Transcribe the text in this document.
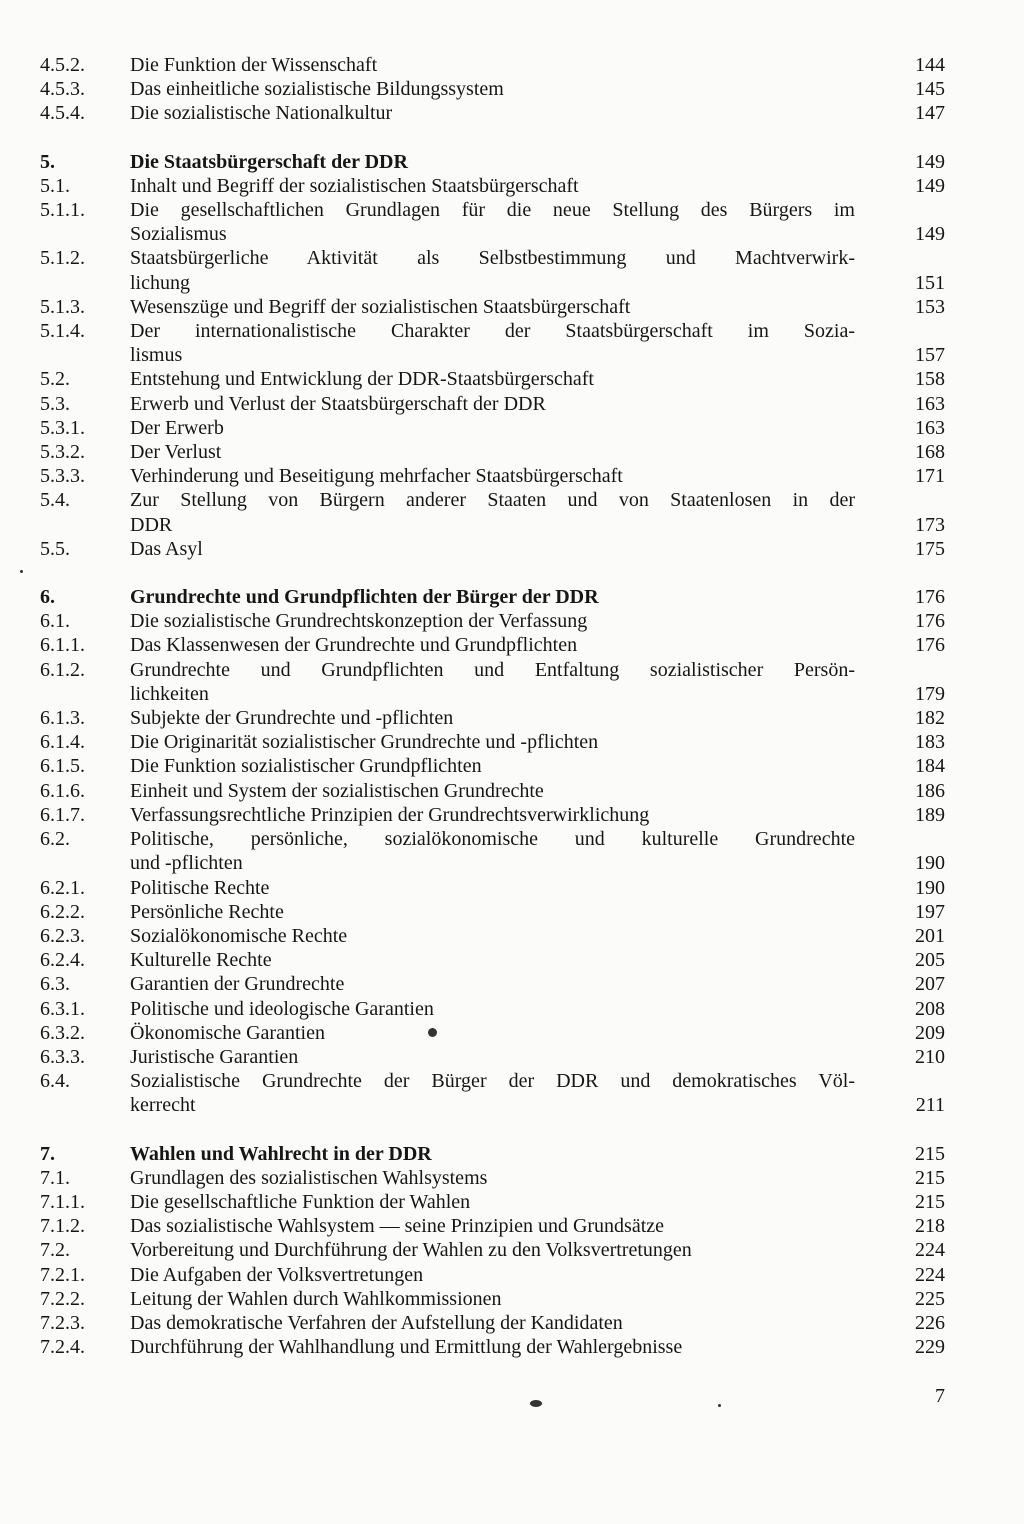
4.5.2.	Die Funktion der Wissenschaft	144
4.5.3.	Das einheitliche sozialistische Bildungssystem	145
4.5.4.	Die sozialistische Nationalkultur	147
5.	Die Staatsbürgerschaft der DDR	149
5.1.	Inhalt und Begriff der sozialistischen Staatsbürgerschaft	149
5.1.1.	Die gesellschaftlichen Grundlagen für die neue Stellung des Bürgers im
Sozialismus	149
5.1.2.	Staatsbürgerliche Aktivität als Selbstbestimmung und Machtverwirk-
lichung	151
5.1.3.	Wesenszüge und Begriff der sozialistischen Staatsbürgerschaft	153
5.1.4.	Der internationalistische Charakter der Staatsbürgerschaft im Sozia-
lismus	157
5.2.	Entstehung und Entwicklung der DDR-Staatsbürgerschaft	158
5.3.	Erwerb und Verlust der Staatsbürgerschaft der DDR	163
5.3.1.	Der Erwerb	163
5.3.2.	Der Verlust	168
5.3.3.	Verhinderung und Beseitigung mehrfacher Staatsbürgerschaft	171
5.4.	Zur Stellung von Bürgern anderer Staaten und von Staatenlosen in der
DDR	173
5.5.	Das Asyl	175
6.	Grundrechte und Grundpflichten der Bürger der DDR	176
6.1.	Die sozialistische Grundrechtskonzeption der Verfassung	176
6.1.1.	Das Klassenwesen der Grundrechte und Grundpflichten	176
6.1.2.	Grundrechte und Grundpflichten und Entfaltung sozialistischer Persön-
lichkeiten	179
6.1.3.	Subjekte der Grundrechte und -pflichten	182
6.1.4.	Die Originarität sozialistischer Grundrechte und -pflichten	183
6.1.5.	Die Funktion sozialistischer Grundpflichten	184
6.1.6.	Einheit und System der sozialistischen Grundrechte	186
6.1.7.	Verfassungsrechtliche Prinzipien der Grundrechtsverwirklichung	189
6.2.	Politische, persönliche, sozialökonomische und kulturelle Grundrechte
und -pflichten	190
6.2.1.	Politische Rechte	190
6.2.2.	Persönliche Rechte	197
6.2.3.	Sozialökonomische Rechte	201
6.2.4.	Kulturelle Rechte	205
6.3.	Garantien der Grundrechte	207
6.3.1.	Politische und ideologische Garantien	208
6.3.2.	Ökonomische Garantien	209
6.3.3.	Juristische Garantien	210
6.4.	Sozialistische Grundrechte der Bürger der DDR und demokratisches Völ-
kerrecht	211
7.	Wahlen und Wahlrecht in der DDR	215
7.1.	Grundlagen des sozialistischen Wahlsystems	215
7.1.1.	Die gesellschaftliche Funktion der Wahlen	215
7.1.2.	Das sozialistische Wahlsystem — seine Prinzipien und Grundsätze	218
7.2.	Vorbereitung und Durchführung der Wahlen zu den Volksvertretungen	224
7.2.1.	Die Aufgaben der Volksvertretungen	224
7.2.2.	Leitung der Wahlen durch Wahlkommissionen	225
7.2.3.	Das demokratische Verfahren der Aufstellung der Kandidaten	226
7.2.4.	Durchführung der Wahlhandlung und Ermittlung der Wahlergebnisse	229
7
